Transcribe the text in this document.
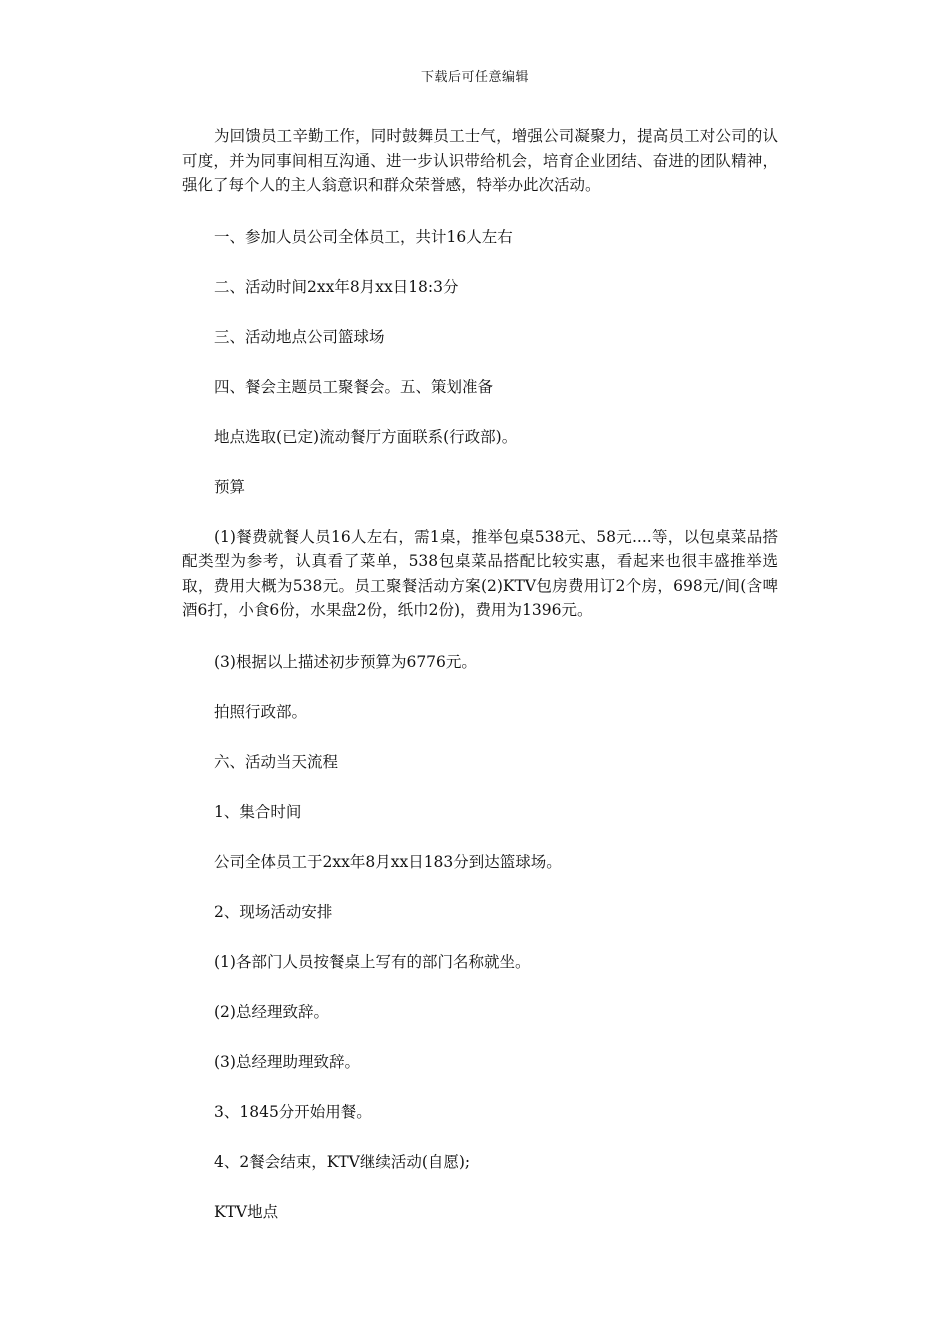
下载后可任意编辑

为回馈员工辛勤工作，同时鼓舞员工士气，增强公司凝聚力，提高员工对公司的认可度，并为同事间相互沟通、进一步认识带给机会，培育企业团结、奋进的团队精神，强化了每个人的主人翁意识和群众荣誉感，特举办此次活动。

一、参加人员公司全体员工，共计16人左右

二、活动时间2xx年8月xx日18:3分

三、活动地点公司篮球场

四、餐会主题员工聚餐会。五、策划准备

地点选取(已定)流动餐厅方面联系(行政部)。

预算

(1)餐费就餐人员16人左右，需1桌，推举包桌538元、58元....等，以包桌菜品搭配类型为参考，认真看了菜单，538包桌菜品搭配比较实惠，看起来也很丰盛推举选取，费用大概为538元。员工聚餐活动方案(2)KTV包房费用订2个房，698元/间(含啤酒6打，小食6份，水果盘2份，纸巾2份)，费用为1396元。

(3)根据以上描述初步预算为6776元。

拍照行政部。

六、活动当天流程

1、集合时间

公司全体员工于2xx年8月xx日183分到达篮球场。

2、现场活动安排

(1)各部门人员按餐桌上写有的部门名称就坐。

(2)总经理致辞。

(3)总经理助理致辞。

3、1845分开始用餐。

4、2餐会结束，KTV继续活动(自愿);

KTV地点
